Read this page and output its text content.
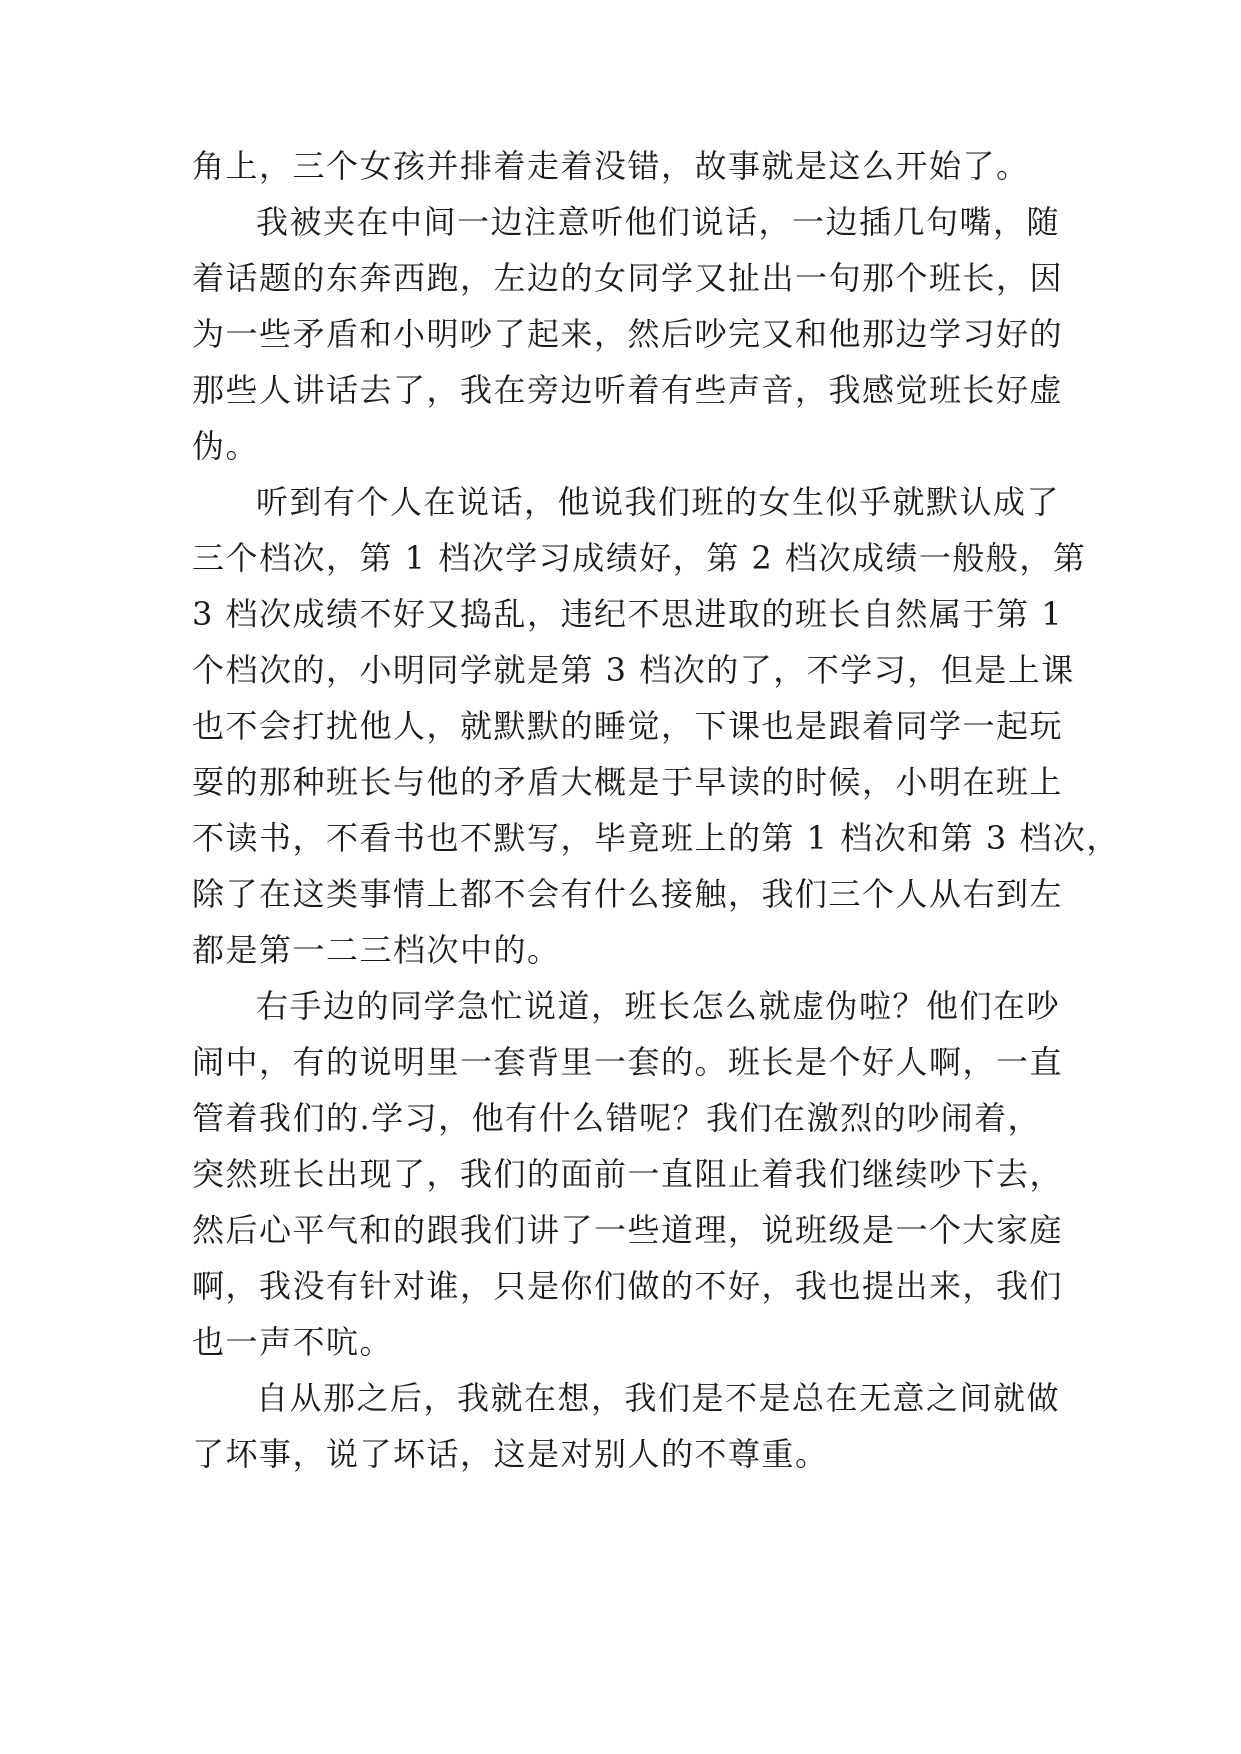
角上，三个女孩并排着走着没错，故事就是这么开始了。
我被夹在中间一边注意听他们说话，一边插几句嘴，随
着话题的东奔西跑，左边的女同学又扯出一句那个班长，因
为一些矛盾和小明吵了起来，然后吵完又和他那边学习好的
那些人讲话去了，我在旁边听着有些声音，我感觉班长好虚
伪。
听到有个人在说话，他说我们班的女生似乎就默认成了
三个档次，第 1 档次学习成绩好，第 2 档次成绩一般般，第
3 档次成绩不好又捣乱，违纪不思进取的班长自然属于第 1
个档次的，小明同学就是第 3 档次的了，不学习，但是上课
也不会打扰他人，就默默的睡觉，下课也是跟着同学一起玩
耍的那种班长与他的矛盾大概是于早读的时候，小明在班上
不读书，不看书也不默写，毕竟班上的第 1 档次和第 3 档次，
除了在这类事情上都不会有什么接触，我们三个人从右到左
都是第一二三档次中的。
右手边的同学急忙说道，班长怎么就虚伪啦？他们在吵
闹中，有的说明里一套背里一套的。班长是个好人啊，一直
管着我们的.学习，他有什么错呢？我们在激烈的吵闹着，
突然班长出现了，我们的面前一直阻止着我们继续吵下去，
然后心平气和的跟我们讲了一些道理，说班级是一个大家庭
啊，我没有针对谁，只是你们做的不好，我也提出来，我们
也一声不吭。
自从那之后，我就在想，我们是不是总在无意之间就做
了坏事，说了坏话，这是对别人的不尊重。
